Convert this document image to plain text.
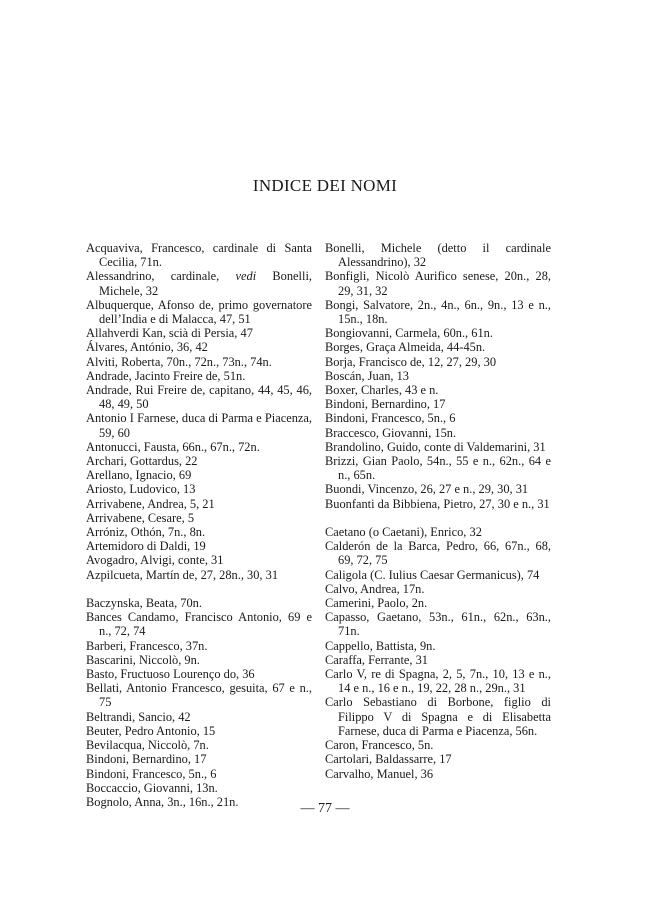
INDICE DEI NOMI
Acquaviva, Francesco, cardinale di Santa Cecilia, 71n.
Alessandrino, cardinale, vedi Bonelli, Michele, 32
Albuquerque, Afonso de, primo governatore dell’India e di Malacca, 47, 51
Allahverdi Kan, scià di Persia, 47
Álvares, António, 36, 42
Alviti, Roberta, 70n., 72n., 73n., 74n.
Andrade, Jacinto Freire de, 51n.
Andrade, Rui Freire de, capitano, 44, 45, 46, 48, 49, 50
Antonio I Farnese, duca di Parma e Piacenza, 59, 60
Antonucci, Fausta, 66n., 67n., 72n.
Archari, Gottardus, 22
Arellano, Ignacio, 69
Ariosto, Ludovico, 13
Arrivabene, Andrea, 5, 21
Arrivabene, Cesare, 5
Arróniz, Othón, 7n., 8n.
Artemidoro di Daldi, 19
Avogadro, Alvigi, conte, 31
Azpilcueta, Martín de, 27, 28n., 30, 31
Baczynska, Beata, 70n.
Bances Candamo, Francisco Antonio, 69 e n., 72, 74
Barberi, Francesco, 37n.
Bascarini, Niccolò, 9n.
Basto, Fructuoso Lourenço do, 36
Bellati, Antonio Francesco, gesuita, 67 e n., 75
Beltrandi, Sancio, 42
Beuter, Pedro Antonio, 15
Bevilacqua, Niccolò, 7n.
Bindoni, Bernardino, 17
Bindoni, Francesco, 5n., 6
Boccaccio, Giovanni, 13n.
Bognolo, Anna, 3n., 16n., 21n.
Bonelli, Michele (detto il cardinale Alessandrino), 32
Bonfigli, Nicolò Aurifico senese, 20n., 28, 29, 31, 32
Bongi, Salvatore, 2n., 4n., 6n., 9n., 13 e n., 15n., 18n.
Bongiovanni, Carmela, 60n., 61n.
Borges, Graça Almeida, 44-45n.
Borja, Francisco de, 12, 27, 29, 30
Boscán, Juan, 13
Boxer, Charles, 43 e n.
Bindoni, Bernardino, 17
Bindoni, Francesco, 5n., 6
Braccesco, Giovanni, 15n.
Brandolino, Guido, conte di Valdemarini, 31
Brizzi, Gian Paolo, 54n., 55 e n., 62n., 64 e n., 65n.
Buondi, Vincenzo, 26, 27 e n., 29, 30, 31
Buonfanti da Bibbiena, Pietro, 27, 30 e n., 31
Caetano (o Caetani), Enrico, 32
Calderón de la Barca, Pedro, 66, 67n., 68, 69, 72, 75
Caligola (C. Iulius Caesar Germanicus), 74
Calvo, Andrea, 17n.
Camerini, Paolo, 2n.
Capasso, Gaetano, 53n., 61n., 62n., 63n., 71n.
Cappello, Battista, 9n.
Caraffa, Ferrante, 31
Carlo V, re di Spagna, 2, 5, 7n., 10, 13 e n., 14 e n., 16 e n., 19, 22, 28 n., 29n., 31
Carlo Sebastiano di Borbone, figlio di Filippo V di Spagna e di Elisabetta Farnese, duca di Parma e Piacenza, 56n.
Caron, Francesco, 5n.
Cartolari, Baldassarre, 17
Carvalho, Manuel, 36
— 77 —
